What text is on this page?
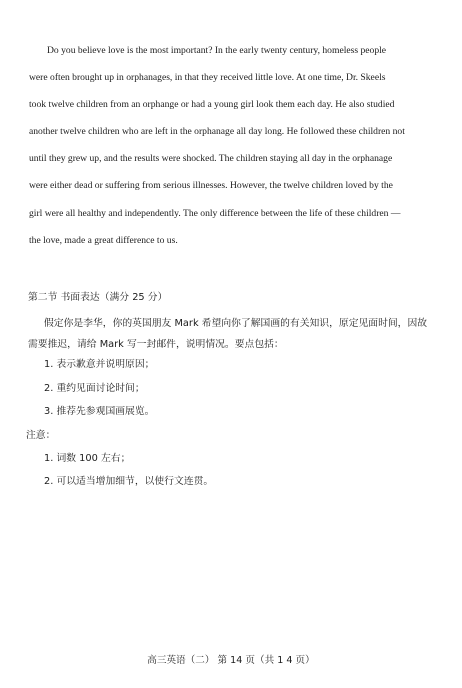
Do you believe love is the most important? In the early twenty century, homeless people
were often brought up in orphanages, in that they received little love. At one time, Dr. Skeels
took twelve children from an orphange or had a young girl look them each day. He also studied
another twelve children who are left in the orphanage all day long. He followed these children not
until they grew up, and the results were shocked. The children staying all day in the orphanage
were either dead or suffering from serious illnesses. However, the twelve children loved by the
girl were all healthy and independently. The only difference between the life of these children —
the love, made a great difference to us.
第二节 书面表达（满分 25 分）
假定你是李华，你的英国朋友 Mark 希望向你了解国画的有关知识，原定见面时间，因故
需要推迟，请给 Mark 写一封邮件，说明情况。要点包括：
1. 表示歉意并说明原因；
2. 重约见面讨论时间；
3. 推荐先参观国画展览。
注意：
1. 词数 100 左右；
2. 可以适当增加细节，以使行文连贯。
高三英语（二） 第 14 页（共 1 4 页）
